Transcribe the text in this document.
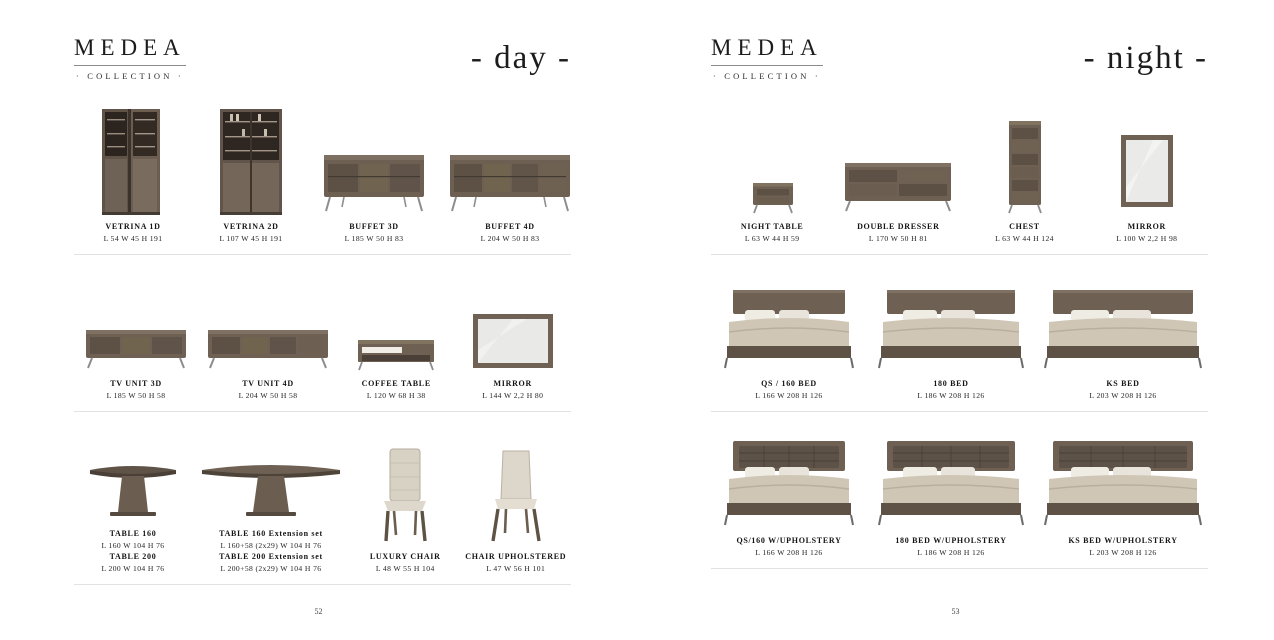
MEDEA
· COLLECTION ·	- day -
VETRINA 1D
L 54 W 45 H 191
VETRINA 2D
L 107 W 45 H 191
BUFFET 3D
L 185 W 50 H 83
BUFFET 4D
L 204 W 50 H 83
TV UNIT 3D
L 185 W 50 H 58
TV UNIT 4D
L 204 W 50 H 58
COFFEE TABLE
L 120 W 68 H 38
MIRROR
L 144 W 2,2 H 80
TABLE 160
L 160 W 104 H 76
TABLE 200
L 200 W 104 H 76
TABLE 160 Extension set
L 160+58 (2x29) W 104 H 76
TABLE 200 Extension set
L 200+58 (2x29) W 104 H 76
LUXURY CHAIR
L 48 W 55 H 104
CHAIR UPHOLSTERED
L 47 W 56 H 101
52
MEDEA
· COLLECTION ·	- night -
NIGHT TABLE
L 63 W 44 H 59
DOUBLE DRESSER
L 170 W 50 H 81
CHEST
L 63 W 44 H 124
MIRROR
L 100 W 2,2 H 98
QS / 160 BED
L 166 W 208 H 126
180 BED
L 186 W 208 H 126
KS BED
L 203 W 208 H 126
QS/160 W/UPHOLSTERY
L 166 W 208 H 126
180 BED W/UPHOLSTERY
L 186 W 208 H 126
KS BED W/UPHOLSTERY
L 203 W 208 H 126
53
